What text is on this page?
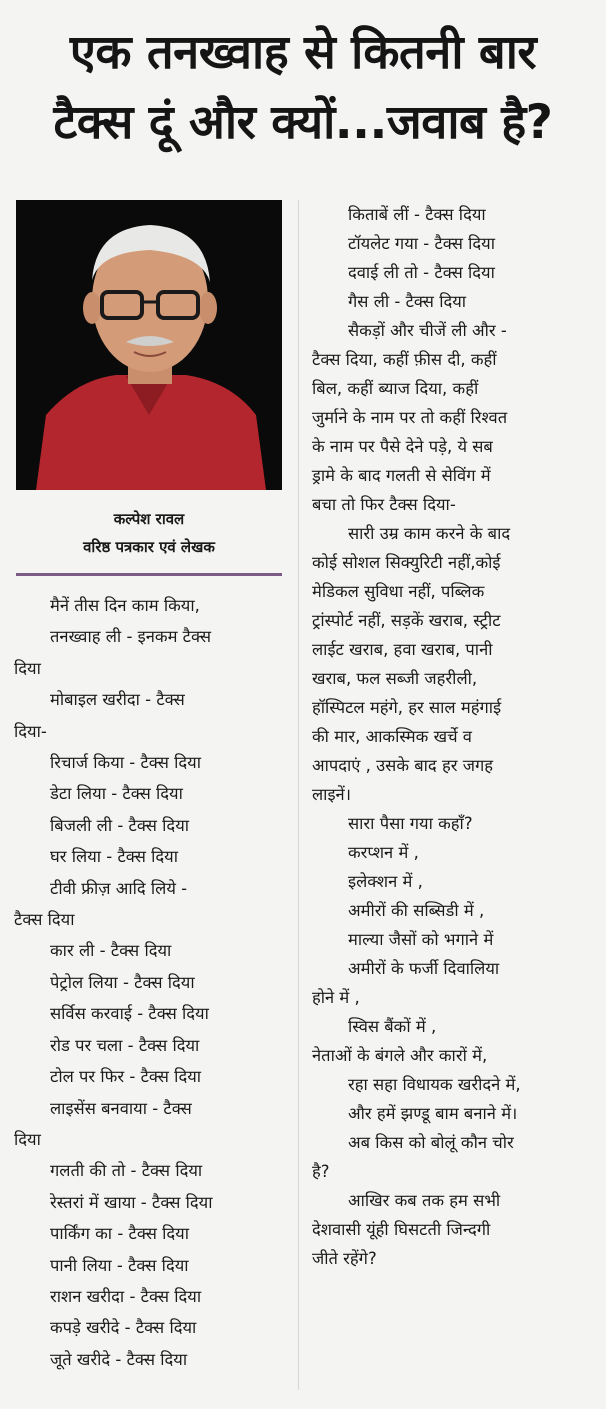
एक तनख्वाह से कितनी बार
टैक्स दूं और क्यों...जवाब है?
कल्पेश रावल
वरिष्ठ पत्रकार एवं लेखक
मैनें तीस दिन काम किया,
तनख्वाह ली - इनकम टैक्स
दिया
मोबाइल खरीदा - टैक्स
दिया-
रिचार्ज किया - टैक्स दिया
डेटा लिया - टैक्स दिया
बिजली ली - टैक्स दिया
घर लिया - टैक्स दिया
टीवी फ्रीज़ आदि लिये -
टैक्स दिया
कार ली - टैक्स दिया
पेट्रोल लिया - टैक्स दिया
सर्विस करवाई - टैक्स दिया
रोड पर चला - टैक्स दिया
टोल पर फिर - टैक्स दिया
लाइसेंस बनवाया - टैक्स
दिया
गलती की तो - टैक्स दिया
रेस्तरां में खाया - टैक्स दिया
पार्किंग का - टैक्स दिया
पानी लिया - टैक्स दिया
राशन खरीदा - टैक्स दिया
कपड़े खरीदे - टैक्स दिया
जूते खरीदे - टैक्स दिया
किताबें लीं - टैक्स दिया
टॉयलेट गया - टैक्स दिया
दवाई ली तो - टैक्स दिया
गैस ली - टैक्स दिया
सैकड़ों और चीजें ली और -
टैक्स दिया, कहीं फ़ीस दी, कहीं
बिल, कहीं ब्याज दिया, कहीं
जुर्माने के नाम पर तो कहीं रिश्वत
के नाम पर पैसे देने पड़े, ये सब
ड्रामे के बाद गलती से सेविंग में
बचा तो फिर टैक्स दिया-
सारी उम्र काम करने के बाद
कोई सोशल सिक्युरिटी नहीं,कोई
मेडिकल सुविधा नहीं, पब्लिक
ट्रांस्पोर्ट नहीं, सड़कें खराब, स्ट्रीट
लाईट खराब, हवा खराब, पानी
खराब, फल सब्जी जहरीली,
हॉस्पिटल महंगे, हर साल महंगाई
की मार, आकस्मिक खर्चे व
आपदाएं , उसके बाद हर जगह
लाइनें।
सारा पैसा गया कहाँ?
करप्शन में ,
इलेक्शन में ,
अमीरों की सब्सिडी में ,
माल्या जैसों को भगाने में
अमीरों के फर्जी दिवालिया
होने में ,
स्विस बैंकों में ,
नेताओं के बंगले और कारों में,
रहा सहा विधायक खरीदने में,
और हमें झण्डू बाम बनाने में।
अब किस को बोलूं कौन चोर
है?
आखिर कब तक हम सभी
देशवासी यूंही घिसटती जिन्दगी
जीते रहेंगे?
